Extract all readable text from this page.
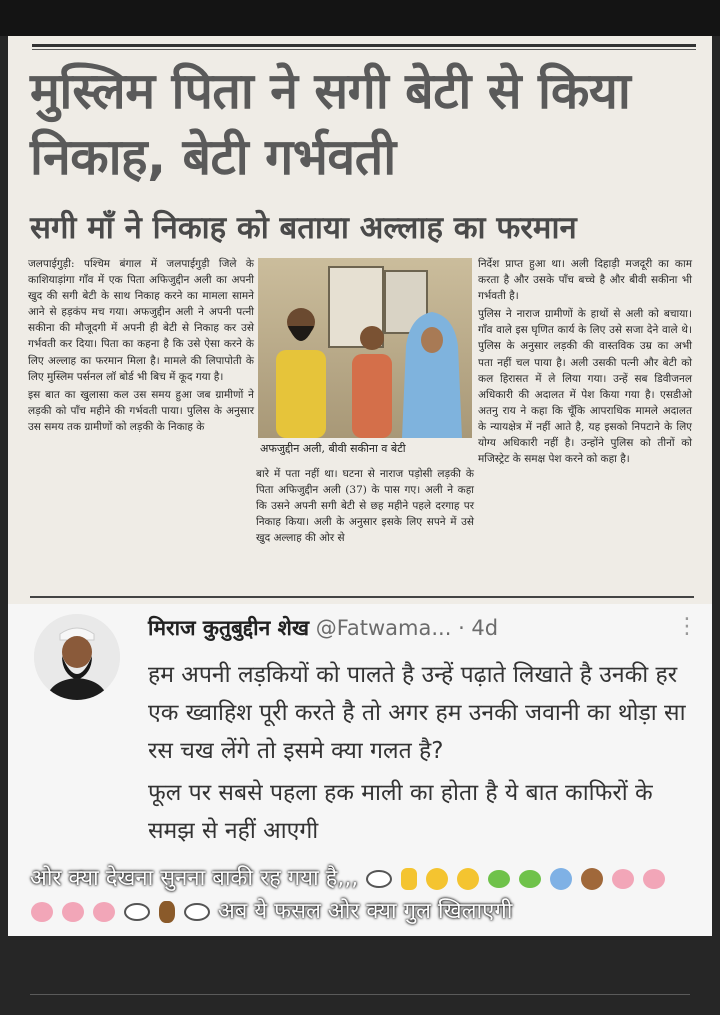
मुस्लिम पिता ने सगी बेटी से किया निकाह, बेटी गर्भवती
सगी माँ ने निकाह को बताया अल्लाह का फरमान

जलपाईगुड़ी: पश्चिम बंगाल में जलपाईगुड़ी जिले के काशियाड़ांगा गाँव में एक पिता अफिजुद्दीन अली का अपनी खुद की सगी बेटी के साथ निकाह करने का मामला सामने आने से हड़कंप मच गया। अफजुद्दीन अली ने अपनी पत्नी सकीना की मौजूदगी में अपनी ही बेटी से निकाह कर उसे गर्भवती कर दिया। पिता का कहना है कि उसे ऐसा करने के लिए अल्लाह का फरमान मिला है। मामले की लिपापोती के लिए मुस्लिम पर्सनल लॉ बोर्ड भी बिच में कूद गया है।

इस बात का खुलासा कल उस समय हुआ जब ग्रामीणों ने लड़की को पाँच महीने की गर्भवती पाया। पुलिस के अनुसार उस समय तक ग्रामीणों को लड़की के निकाह के

अफजुद्दीन अली, बीवी सकीना व बेटी

बारे में पता नहीं था। घटना से नाराज पड़ोसी लड़की के पिता अफिजुद्दीन अली (37) के पास गए। अली ने कहा कि उसने अपनी सगी बेटी से छह महीने पहले दरगाह पर निकाह किया। अली के अनुसार इसके लिए सपने में उसे खुद अल्लाह की ओर से

निर्देश प्राप्त हुआ था। अली दिहाड़ी मजदूरी का काम करता है और उसके पाँच बच्चे है और बीवी सकीना भी गर्भवती है।

पुलिस ने नाराज ग्रामीणों के हाथों से अली को बचाया। गाँव वाले इस घृणित कार्य के लिए उसे सजा देने वाले थे। पुलिस के अनुसार लड़की की वास्तविक उम्र का अभी पता नहीं चल पाया है। अली उसकी पत्नी और बेटी को कल हिरासत में ले लिया गया। उन्हें सब डिवीजनल अधिकारी की अदालत में पेश किया गया है। एसडीओ अतनु राय ने कहा कि चूँकि आपराधिक मामले अदालत के न्यायक्षेत्र में नहीं आते है, यह इसको निपटाने के लिए योग्य अधिकारी नहीं है। उन्होंने पुलिस को तीनों को मजिस्ट्रेट के समक्ष पेश करने को कहा है।

मिराज कुतुबुद्दीन शेख @Fatwama... · 4d	⋮

हम अपनी लड़कियों को पालते है उन्हें पढ़ाते लिखाते है उनकी हर एक ख्वाहिश पूरी करते है तो अगर हम उनकी जवानी का थोड़ा सा रस चख लेंगे तो इसमे क्या गलत है?

फूल पर सबसे पहला हक माली का होता है ये बात काफिरों के समझ से नहीं आएगी

ओर क्या देखना सुनना बाकी रह गया है,,,                 अब ये फसल ओर क्या गुल खिलाएगी
